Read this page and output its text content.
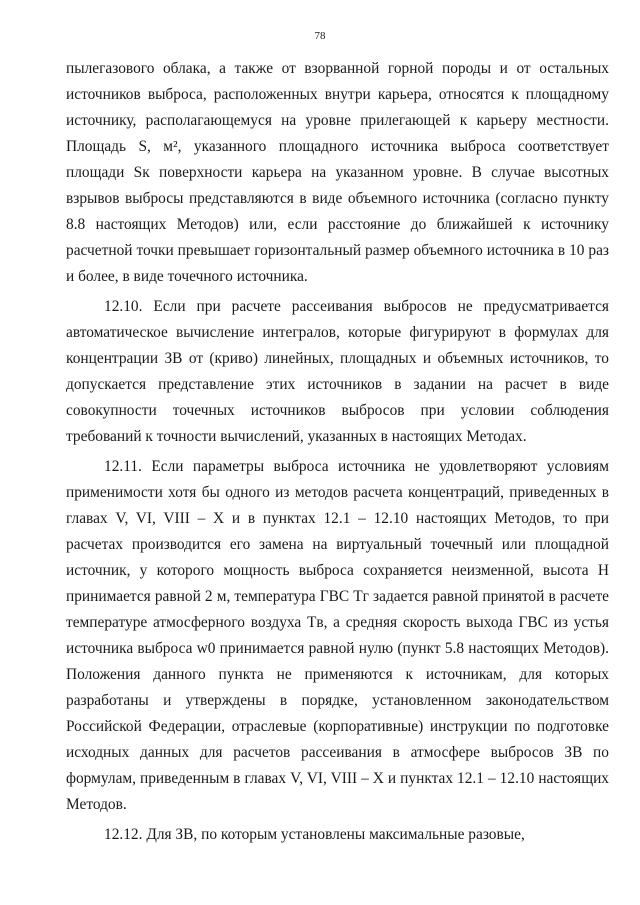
78

пылегазового облака, а также от взорванной горной породы и от остальных источников выброса, расположенных внутри карьера, относятся к площадному источнику, располагающемуся на уровне прилегающей к карьеру местности. Площадь S, м², указанного площадного источника выброса соответствует площади Sк поверхности карьера на указанном уровне. В случае высотных взрывов выбросы представляются в виде объемного источника (согласно пункту 8.8 настоящих Методов) или, если расстояние до ближайшей к источнику расчетной точки превышает горизонтальный размер объемного источника в 10 раз и более, в виде точечного источника.

12.10. Если при расчете рассеивания выбросов не предусматривается автоматическое вычисление интегралов, которые фигурируют в формулах для концентрации ЗВ от (криво) линейных, площадных и объемных источников, то допускается представление этих источников в задании на расчет в виде совокупности точечных источников выбросов при условии соблюдения требований к точности вычислений, указанных в настоящих Методах.

12.11. Если параметры выброса источника не удовлетворяют условиям применимости хотя бы одного из методов расчета концентраций, приведенных в главах V, VI, VIII – X и в пунктах 12.1 – 12.10 настоящих Методов, то при расчетах производится его замена на виртуальный точечный или площадной источник, у которого мощность выброса сохраняется неизменной, высота H принимается равной 2 м, температура ГВС Tг задается равной принятой в расчете температуре атмосферного воздуха Tв, а средняя скорость выхода ГВС из устья источника выброса w0 принимается равной нулю (пункт 5.8 настоящих Методов). Положения данного пункта не применяются к источникам, для которых разработаны и утверждены в порядке, установленном законодательством Российской Федерации, отраслевые (корпоративные) инструкции по подготовке исходных данных для расчетов рассеивания в атмосфере выбросов ЗВ по формулам, приведенным в главах V, VI, VIII – X и пунктах 12.1 – 12.10 настоящих Методов.

12.12. Для ЗВ, по которым установлены максимальные разовые,
